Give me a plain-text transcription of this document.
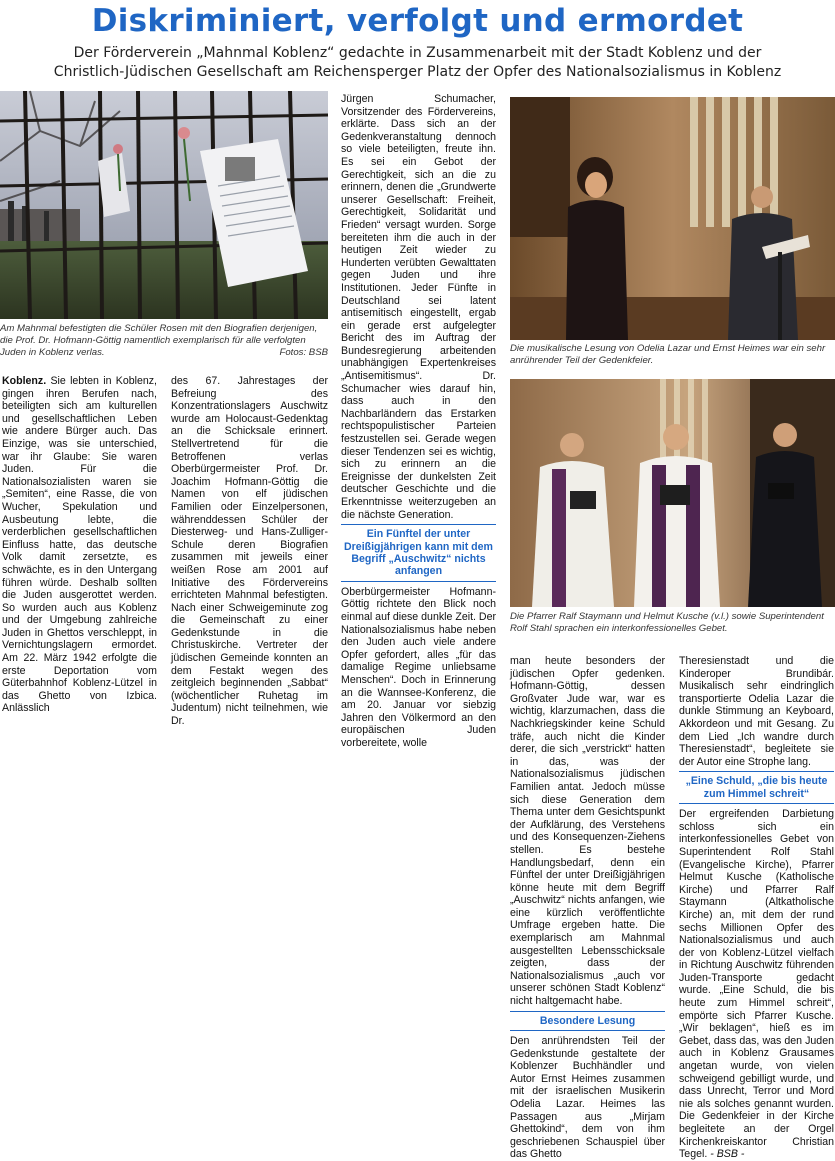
Diskriminiert, verfolgt und ermordet
Der Förderverein „Mahnmal Koblenz“ gedachte in Zusammenarbeit mit der Stadt Koblenz und der
Christlich-Jüdischen Gesellschaft am Reichensperger Platz der Opfer des Nationalsozialismus in Koblenz
Am Mahnmal befestigten die Schüler Rosen mit den Biografien derjenigen, die Prof. Dr. Hofmann-Göttig namentlich exemplarisch für alle verfolgten Juden in Koblenz verlas.	Fotos: BSB	Die musikalische Lesung von Odelia Lazar und Ernst Heimes war ein sehr anrührender Teil der Gedenkfeier.
Die Pfarrer Ralf Staymann und Helmut Kusche (v.l.) sowie Superintendent Rolf Stahl sprachen ein interkonfessionelles Gebet.

Koblenz. Sie lebten in Koblenz, gingen ihren Berufen nach, beteiligten sich am kulturellen und gesellschaftlichen Leben wie andere Bürger auch. Das Einzige, was sie unterschied, war ihr Glaube: Sie waren Juden. Für die Nationalsozialisten waren sie „Semiten“, eine Rasse, die von Wucher, Spekulation und Ausbeutung lebte, die verderblichen gesellschaftlichen Einfluss hatte, das deutsche Volk damit zersetzte, es schwächte, es in den Untergang führen würde. Deshalb sollten die Juden ausgerottet werden. So wurden auch aus Koblenz und der Umgebung zahlreiche Juden in Ghettos verschleppt, in Vernichtungslagern ermordet. Am 22. März 1942 erfolgte die erste Deportation vom Güterbahnhof Koblenz-Lützel in das Ghetto von Izbica. Anlässlich

des 67. Jahrestages der Befreiung des Konzentrationslagers Auschwitz wurde am Holocaust-Gedenktag an die Schicksale erinnert. Stellvertretend für die Betroffenen verlas Oberbürgermeister Prof. Dr. Joachim Hofmann-Göttig die Namen von elf jüdischen Familien oder Einzelpersonen, währenddessen Schüler der Diesterweg- und Hans-Zulliger-Schule deren Biografien zusammen mit jeweils einer weißen Rose am 2001 auf Initiative des Fördervereins errichteten Mahnmal befestigten. Nach einer Schweigeminute zog die Gemeinschaft zu einer Gedenkstunde in die Christuskirche. Vertreter der jüdischen Gemeinde konnten an dem Festakt wegen des zeitgleich beginnenden „Sabbat“ (wöchentlicher Ruhetag im Judentum) nicht teilnehmen, wie Dr.

Jürgen Schumacher, Vorsitzender des Fördervereins, erklärte. Dass sich an der Gedenkveranstaltung dennoch so viele beteiligten, freute ihn. Es sei ein Gebot der Gerechtigkeit, sich an die zu erinnern, denen die „Grundwerte unserer Gesellschaft: Freiheit, Gerechtigkeit, Solidarität und Frieden“ versagt wurden. Sorge bereiteten ihm die auch in der heutigen Zeit wieder zu Hunderten verübten Gewalttaten gegen Juden und ihre Institutionen. Jeder Fünfte in Deutschland sei latent antisemitisch eingestellt, ergab ein gerade erst aufgelegter Bericht des im Auftrag der Bundesregierung arbeitenden unabhängigen Expertenkreises „Antisemitismus“. Dr. Schumacher wies darauf hin, dass auch in den Nachbarländern das Erstarken rechtspopulistischer Parteien festzustellen sei. Gerade wegen dieser Tendenzen sei es wichtig, sich zu erinnern an die Ereignisse der dunkelsten Zeit deutscher Geschichte und die Erkenntnisse weiterzugeben an die nächste Generation.

Ein Fünftel der unter Dreißigjährigen kann mit dem Begriff „Auschwitz“ nichts anfangen

Oberbürgermeister Hofmann-Göttig richtete den Blick noch einmal auf diese dunkle Zeit. Der Nationalsozialismus habe neben den Juden auch viele andere Opfer gefordert, alles „für das damalige Regime unliebsame Menschen“. Doch in Erinnerung an die Wannsee-Konferenz, die am 20. Januar vor siebzig Jahren den Völkermord an den europäischen Juden vorbereitete, wolle

man heute besonders der jüdischen Opfer gedenken. Hofmann-Göttig, dessen Großvater Jude war, war es wichtig, klarzumachen, dass die Nachkriegskinder keine Schuld träfe, auch nicht die Kinder derer, die sich „verstrickt“ hatten in das, was der Nationalsozialismus jüdischen Familien antat. Jedoch müsse sich diese Generation dem Thema unter dem Gesichtspunkt der Aufklärung, des Verstehens und des Konsequenzen-Ziehens stellen. Es bestehe Handlungsbedarf, denn ein Fünftel der unter Dreißigjährigen könne heute mit dem Begriff „Auschwitz“ nichts anfangen, wie eine kürzlich veröffentlichte Umfrage ergeben hatte. Die exemplarisch am Mahnmal ausgestellten Lebensschicksale zeigten, dass der Nationalsozialismus „auch vor unserer schönen Stadt Koblenz“ nicht haltgemacht habe.

Besondere Lesung

Den anrührendsten Teil der Gedenkstunde gestaltete der Koblenzer Buchhändler und Autor Ernst Heimes zusammen mit der israelischen Musikerin Odelia Lazar. Heimes las Passagen aus „Mirjam Ghettokind“, dem von ihm geschriebenen Schauspiel über das Ghetto

Theresienstadt und die Kinderoper Brundibár. Musikalisch sehr eindringlich transportierte Odelia Lazar die dunkle Stimmung an Keyboard, Akkordeon und mit Gesang. Zu dem Lied „Ich wandre durch Theresienstadt“, begleitete sie der Autor eine Strophe lang.

„Eine Schuld, „die bis heute zum Himmel schreit“

Der ergreifenden Darbietung schloss sich ein interkonfessionelles Gebet von Superintendent Rolf Stahl (Evangelische Kirche), Pfarrer Helmut Kusche (Katholische Kirche) und Pfarrer Ralf Staymann (Altkatholische Kirche) an, mit dem der rund sechs Millionen Opfer des Nationalsozialismus und auch der von Koblenz-Lützel vielfach in Richtung Auschwitz führenden Juden-Transporte gedacht wurde. „Eine Schuld, die bis heute zum Himmel schreit“, empörte sich Pfarrer Kusche. „Wir beklagen“, hieß es im Gebet, dass das, was den Juden auch in Koblenz Grausames angetan wurde, von vielen schweigend gebilligt wurde, und dass Unrecht, Terror und Mord nie als solches genannt wurden. Die Gedenkfeier in der Kirche begleitete an der Orgel Kirchenkreiskantor Christian Tegel. - BSB -
